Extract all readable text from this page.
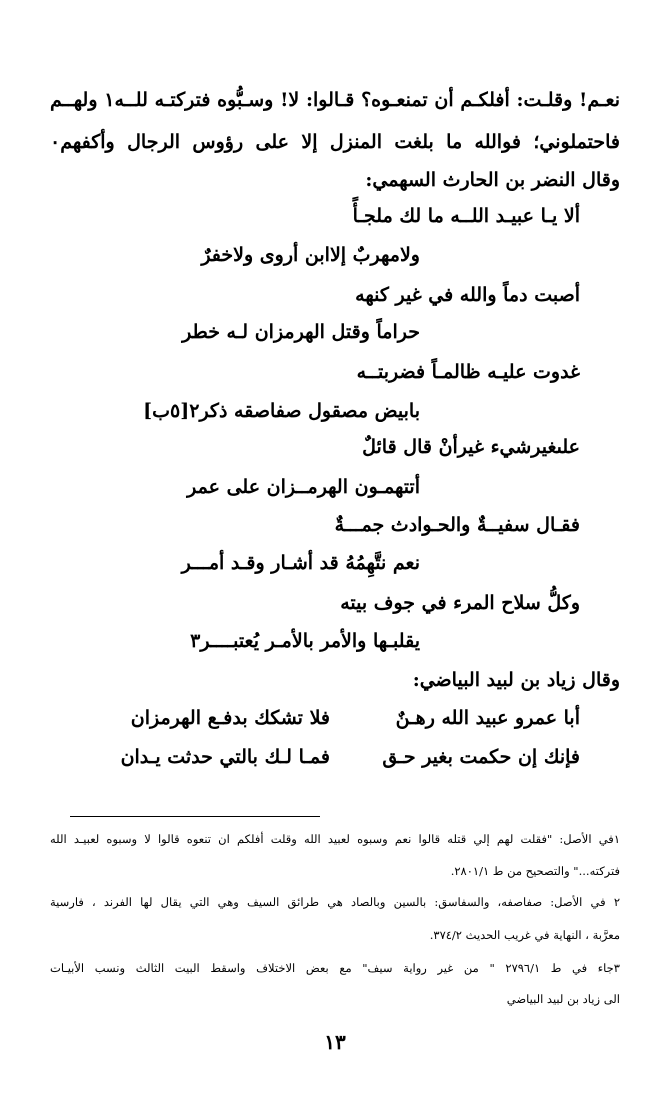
نعـم! وقلـت: أفلكـم أن تمنعـوه؟ قـالوا: لا! وسـبُّوه فتركتـه للــه١ ولهــم
فاحتملوني؛ فوالله ما بلغت المنزل إلا على رؤوس الرجال وأكفهم٠
وقال النضر بن الحارث السهمي:
ألا يـا عبيـد اللــه ما لك ملجـأً
ولامهربٌ إلاابن أروى ولاخفرٌ
أصبت دماً والله في غير كنهه
حراماً وقتل الهرمزان لـه خطر
غدوت عليـه ظالمـاً فضربتــه
بابيض مصقول صفاصقه ذكر٢[٥ب]
علىغيرشيء غيرأنْ قال قائلٌ
أتتهمـون الهرمــزان على عمر
فقـال سفيــةٌ والحـوادث جمـــةٌ
نعم نتَّهِمُهُ قد أشـار وقـد أمـــر
وكلُّ سلاح المرء في جوف بيته
يقلبـها والأمر بالأمـر يُعتبــــر٣
وقال زياد بن لبيد البياضي:
أبا عمرو عبيد الله رهـنٌ
فلا تشكك بدفـع الهرمزان
فإنك إن حكمت بغير حـق
فمـا لـك بالتي حدثت يـدان
١في الأصل: "فقلت لهم إلي قتله قالوا نعم وسبوه لعبيد الله وقلت أفلكم ان تنعوه قالوا لا وسبوه لعبيـد الله
فتركته..." والتصحيح من ط ٢٨٠١/١.
٢ في الأصل: صفاصفه، والسفاسق: بالسين وبالصاد هي طرائق السيف وهي التي يقال لها الفرند ، فارسية
معرَّبة ، النهاية في غريب الحديث ٣٧٤/٢.
٣جاء في ط ٢٧٩٦/١ " من غير رواية سيف" مع بعض الاختلاف واسقط البيت الثالث ونسب الأبيـات
الى زياد بن لبيد البياضي
١٣
